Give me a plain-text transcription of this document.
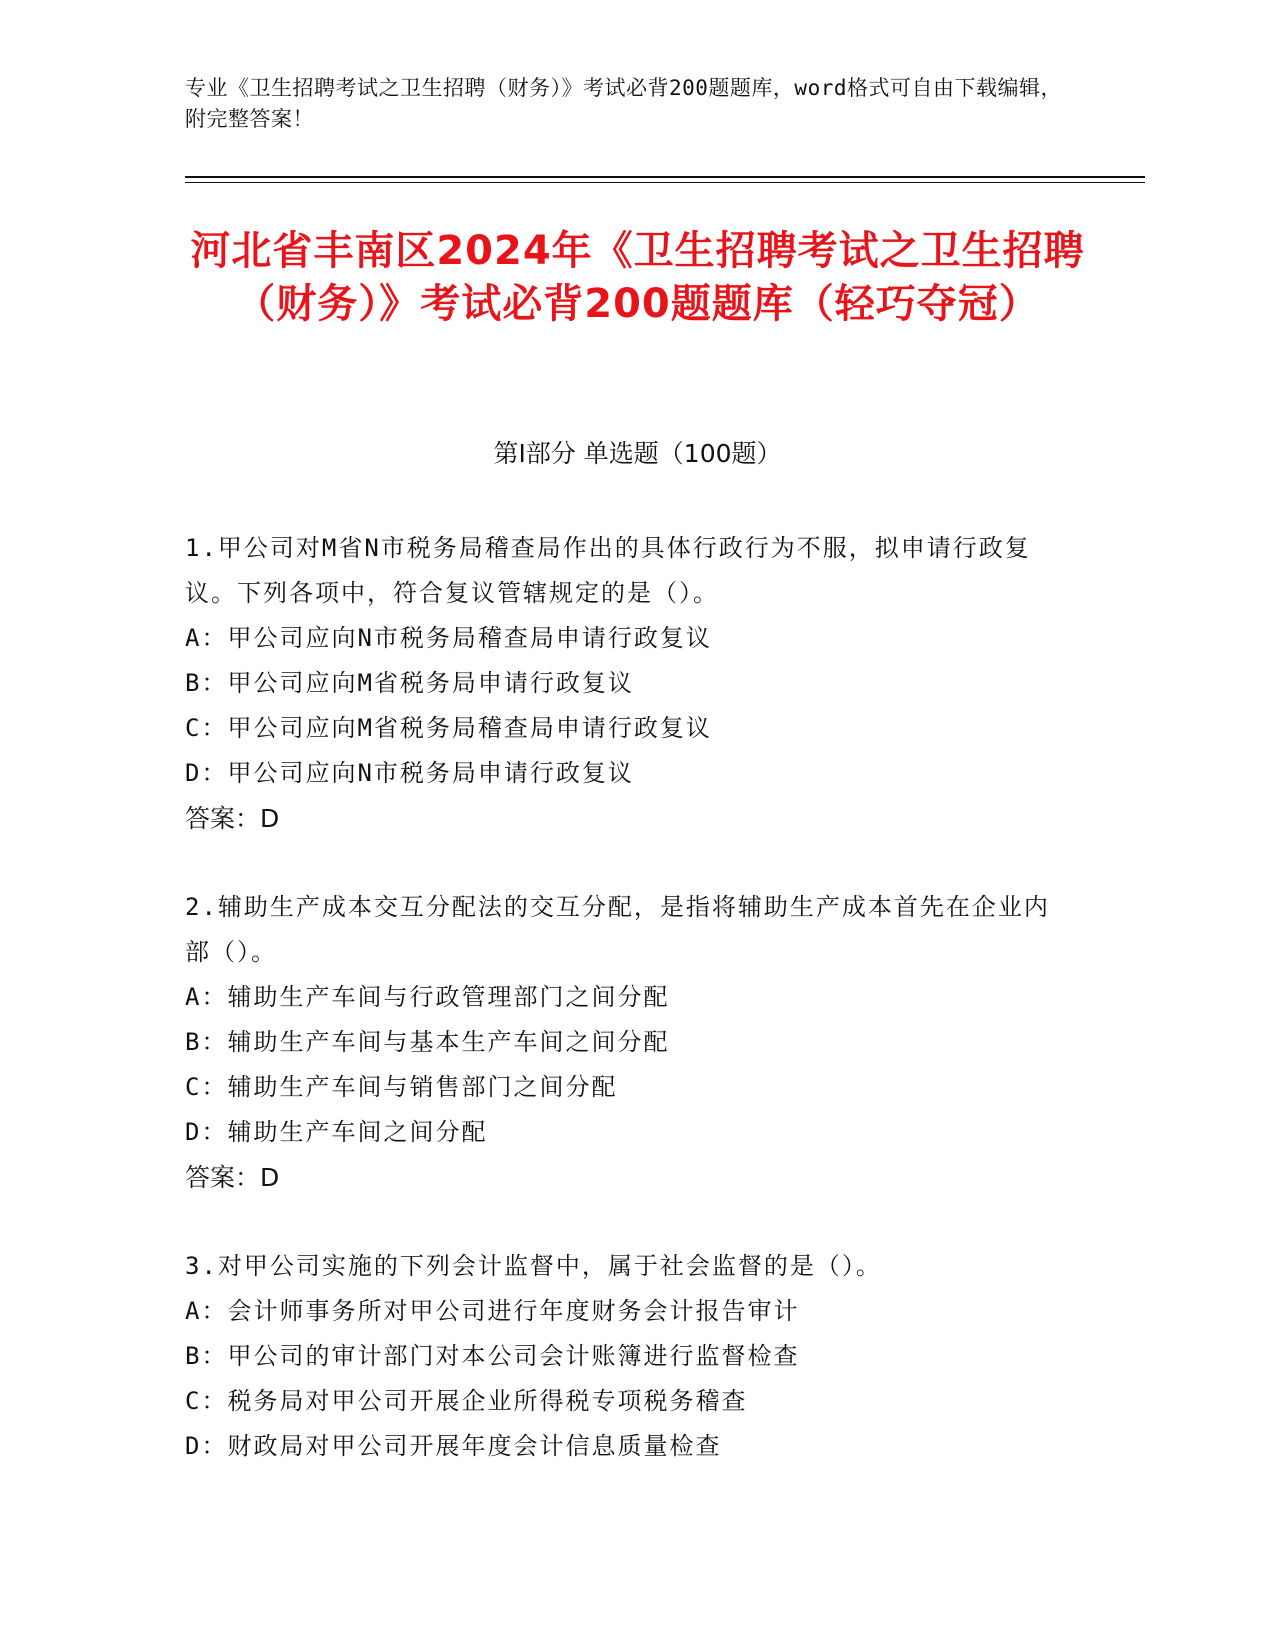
专业《卫生招聘考试之卫生招聘（财务）》考试必背200题题库，word格式可自由下载编辑，附完整答案！
河北省丰南区2024年《卫生招聘考试之卫生招聘（财务）》考试必背200题题库（轻巧夺冠）
第Ⅰ部分 单选题（100题）
1.甲公司对M省N市税务局稽查局作出的具体行政行为不服，拟申请行政复议。下列各项中，符合复议管辖规定的是（）。
A：甲公司应向N市税务局稽查局申请行政复议
B：甲公司应向M省税务局申请行政复议
C：甲公司应向M省税务局稽查局申请行政复议
D：甲公司应向N市税务局申请行政复议
答案：D
2.辅助生产成本交互分配法的交互分配，是指将辅助生产成本首先在企业内部（）。
A：辅助生产车间与行政管理部门之间分配
B：辅助生产车间与基本生产车间之间分配
C：辅助生产车间与销售部门之间分配
D：辅助生产车间之间分配
答案：D
3.对甲公司实施的下列会计监督中，属于社会监督的是（）。
A：会计师事务所对甲公司进行年度财务会计报告审计
B：甲公司的审计部门对本公司会计账簿进行监督检查
C：税务局对甲公司开展企业所得税专项税务稽查
D：财政局对甲公司开展年度会计信息质量检查
